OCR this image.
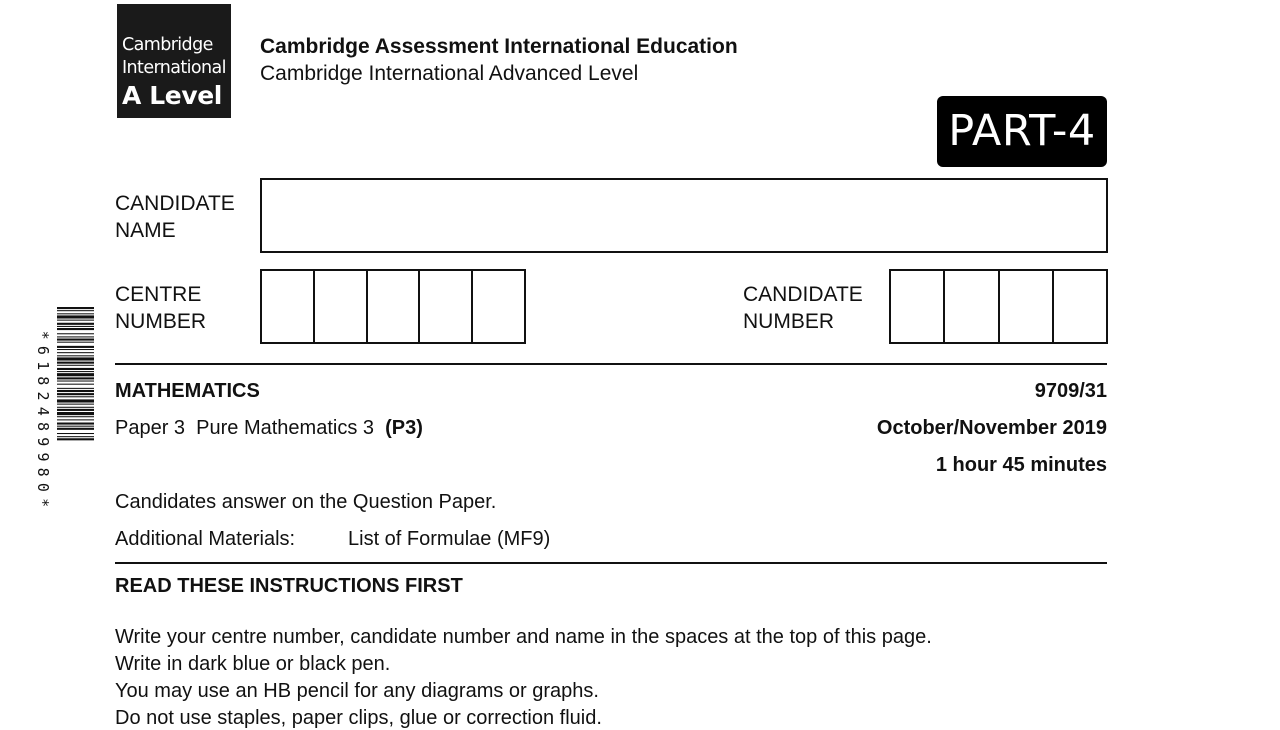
Cambridge
International
A Level
Cambridge Assessment International Education
Cambridge International Advanced Level
PART-4
CANDIDATE
NAME
CENTRE
NUMBER
CANDIDATE
NUMBER
*6182489980*	MATHEMATICS	9709/31
Paper 3  Pure Mathematics 3  (P3)	October/November 2019
1 hour 45 minutes
Candidates answer on the Question Paper.
Additional Materials:	List of Formulae (MF9)
READ THESE INSTRUCTIONS FIRST
Write your centre number, candidate number and name in the spaces at the top of this page.
Write in dark blue or black pen.
You may use an HB pencil for any diagrams or graphs.
Do not use staples, paper clips, glue or correction fluid.
